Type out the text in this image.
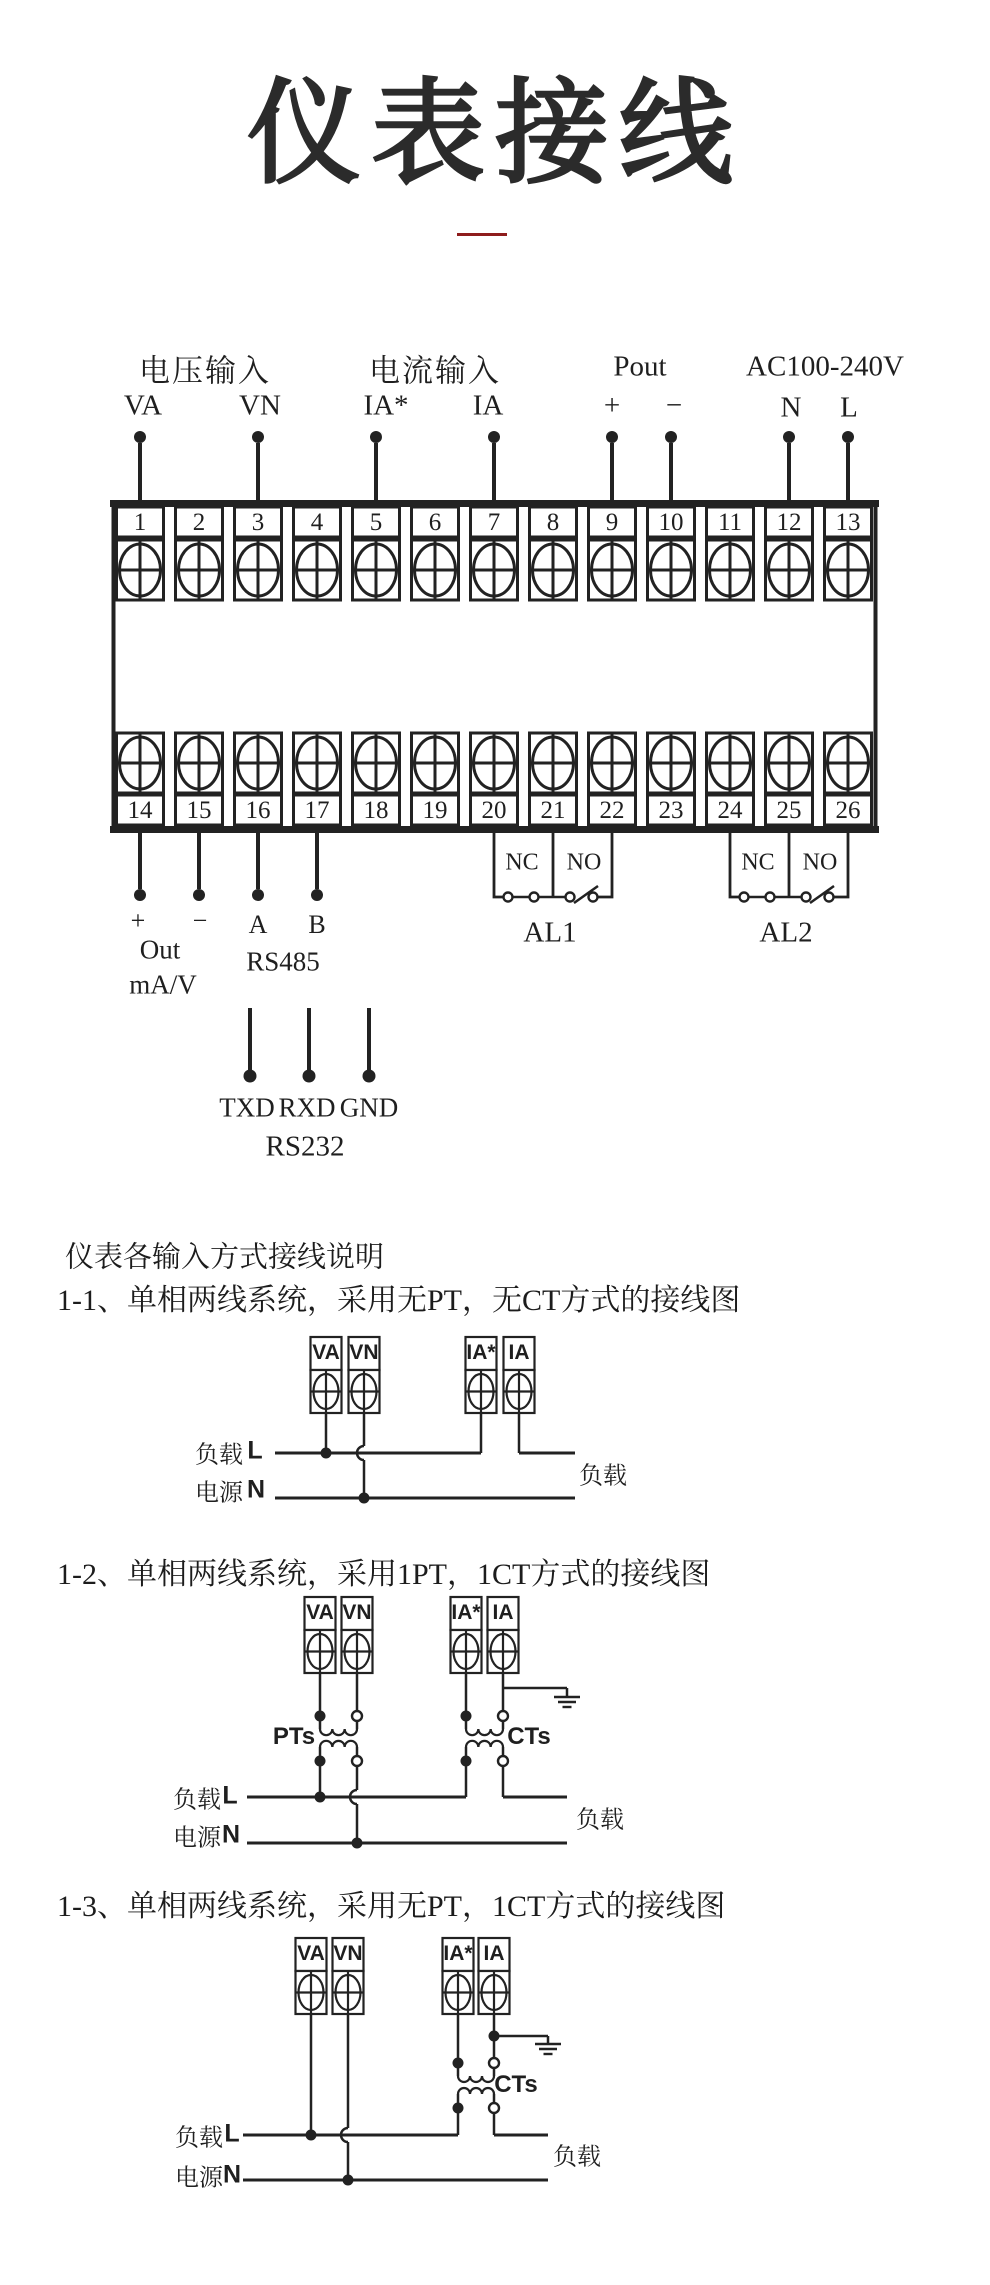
仪表接线
电压输入	电流输入	Pout	AC100-240V
VA	VN	IA* IA	+ −	N L
+ − A B
Out
mA/V
RS485
NC NO
AL1
NC NO
AL2
TXD RXD GND
RS232
仪表各输入方式接线说明
1-1、单相两线系统，采用无PT，无CT方式的接线图
1-2、单相两线系统，采用1PT，1CT方式的接线图
1-3、单相两线系统，采用无PT，1CT方式的接线图
VA VN	IA* IA
负载 L
电源 N	负载
VA VN	IA* IA
PTs	CTs
负载 L
电源 N	负载
VA VN	IA* IA
CTs
负载 L
电源 N
负载
1 2 3 4 5 6 7 8 9 10 11 12 13
14 15 16 17 18 19 20 21 22 23 24 25 26
